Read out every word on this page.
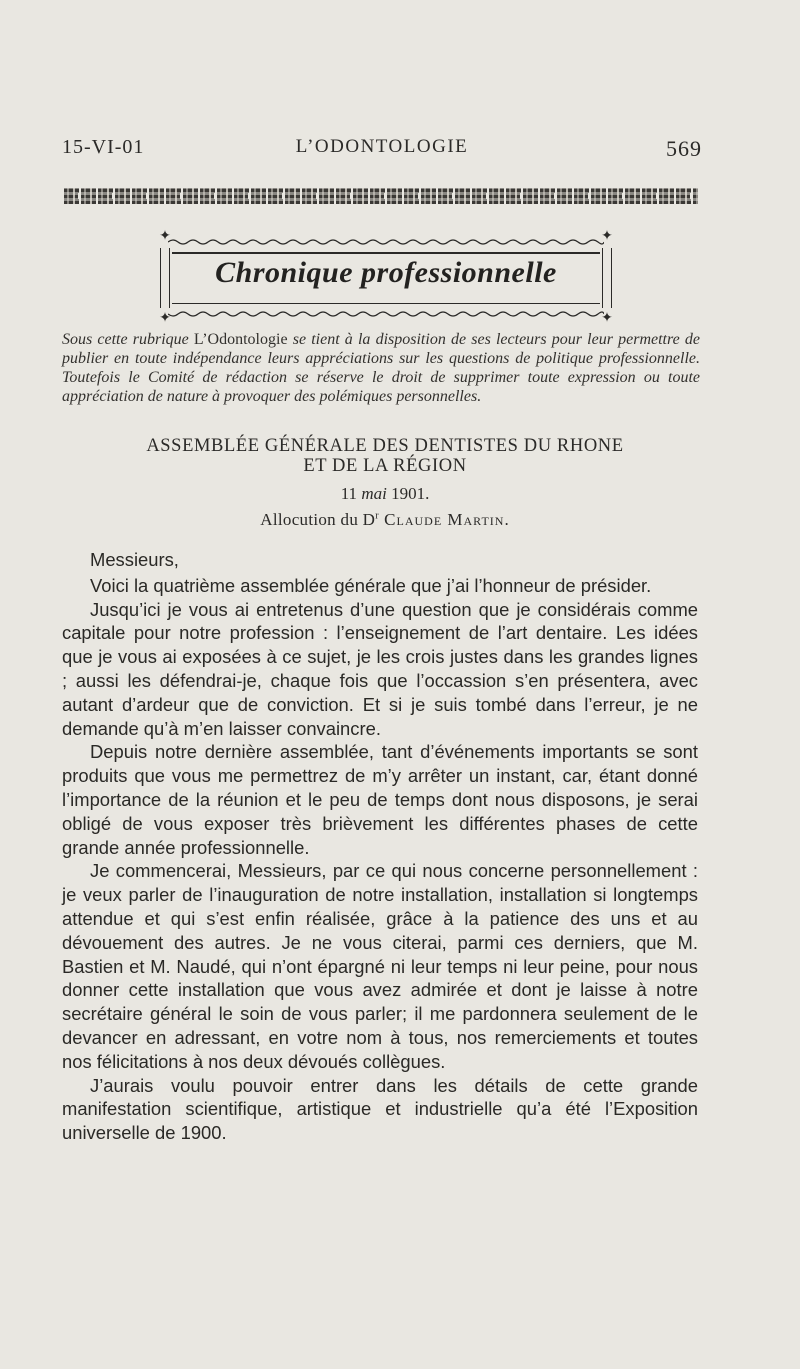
15-VI-01	L’ODONTOLOGIE	569
✦	✦
✦	✦
Chronique professionnelle
Sous cette rubrique L’Odontologie se tient à la disposition de ses lecteurs pour leur permettre de publier en toute indépendance leurs appréciations sur les questions de politique professionnelle. Toutefois le Comité de rédaction se réserve le droit de supprimer toute expression ou toute appréciation de nature à provoquer des polémiques personnelles.
ASSEMBLÉE GÉNÉRALE DES DENTISTES DU RHONE
ET DE LA RÉGION
11 mai 1901.
Allocution du $D^r$ Claude Martin.

Messieurs,

Voici la quatrième assemblée générale que j’ai l’honneur de présider.

Jusqu’ici je vous ai entretenus d’une question que je considérais comme capitale pour notre profession : l’enseignement de l’art dentaire. Les idées que je vous ai exposées à ce sujet, je les crois justes dans les grandes lignes ; aussi les défendrai-je, chaque fois que l’occassion s’en présentera, avec autant d’ardeur que de conviction. Et si je suis tombé dans l’erreur, je ne demande qu’à m’en laisser convaincre.

Depuis notre dernière assemblée, tant d’événements importants se sont produits que vous me permettrez de m’y arrêter un instant, car, étant donné l’importance de la réunion et le peu de temps dont nous disposons, je serai obligé de vous exposer très brièvement les différentes phases de cette grande année professionnelle.

Je commencerai, Messieurs, par ce qui nous concerne personnellement : je veux parler de l’inauguration de notre installation, installation si longtemps attendue et qui s’est enfin réalisée, grâce à la patience des uns et au dévouement des autres. Je ne vous citerai, parmi ces derniers, que M. Bastien et M. Naudé, qui n’ont épargné ni leur temps ni leur peine, pour nous donner cette installation que vous avez admirée et dont je laisse à notre secrétaire général le soin de vous parler; il me pardonnera seulement de le devancer en adressant, en votre nom à tous, nos remerciements et toutes nos félicitations à nos deux dévoués collègues.

J’aurais voulu pouvoir entrer dans les détails de cette grande manifestation scientifique, artistique et industrielle qu’a été l’Exposition universelle de 1900.
